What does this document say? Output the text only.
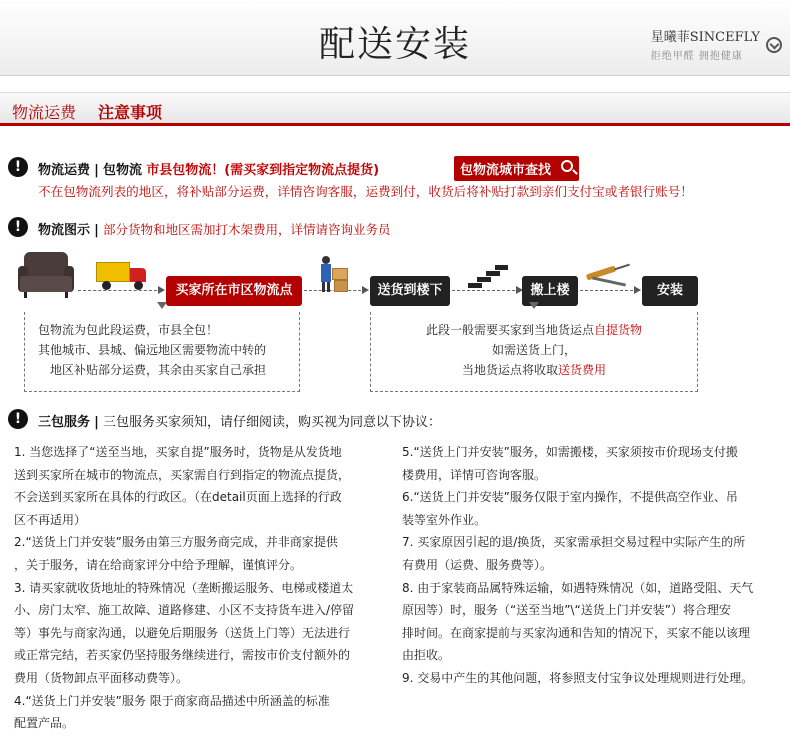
配送安装	星曦菲SINCEFLY
拒绝甲醛 拥抱健康
物流运费 注意事项
!	物流运费 | 包物流 市县包物流！(需买家到指定物流点提货)	包物流城市查找
不在包物流列表的地区，将补贴部分运费，详情咨询客服，运费到付，收货后将补贴打款到亲们支付宝或者银行账号！
!	物流图示 | 部分货物和地区需加打木架费用，详情请咨询业务员
买家所在市区物流点	送货到楼下	搬上楼	安装
包物流为包此段运费，市县全包！
其他城市、县城、偏远地区需要物流中转的
地区补贴部分运费，其余由买家自己承担
此段一般需要买家到当地货运点自提货物
如需送货上门，
当地货运点将收取送货费用
!	三包服务 | 三包服务买家须知，请仔细阅读，购买视为同意以下协议：

1. 当您选择了“送至当地，买家自提”服务时，货物是从发货地

送到买家所在城市的物流点，买家需自行到指定的物流点提货，

不会送到买家所在具体的行政区。（在detail页面上选择的行政

区不再适用）

2.“送货上门并安装”服务由第三方服务商完成，并非商家提供

，关于服务，请在给商家评分中给予理解，谨慎评分。

3. 请买家就收货地址的特殊情况（垄断搬运服务、电梯或楼道太

小、房门太窄、施工故障、道路修建、小区不支持货车进入/停留

等）事先与商家沟通，以避免后期服务（送货上门等）无法进行

或正常完结，若买家仍坚持服务继续进行，需按市价支付额外的

费用（货物卸点平面移动费等）。

4.“送货上门并安装”服务 限于商家商品描述中所涵盖的标准

配置产品。

5.“送货上门并安装”服务，如需搬楼，买家须按市价现场支付搬

楼费用，详情可咨询客服。

6.“送货上门并安装”服务仅限于室内操作，不提供高空作业、吊

装等室外作业。

7. 买家原因引起的退/换货，买家需承担交易过程中实际产生的所

有费用（运费、服务费等）。

8. 由于家装商品属特殊运输，如遇特殊情况（如，道路受阻、天气

原因等）时，服务（“送至当地”\“送货上门并安装”）将合理安

排时间。在商家提前与买家沟通和告知的情况下，买家不能以该理

由拒收。

9. 交易中产生的其他问题，将参照支付宝争议处理规则进行处理。
